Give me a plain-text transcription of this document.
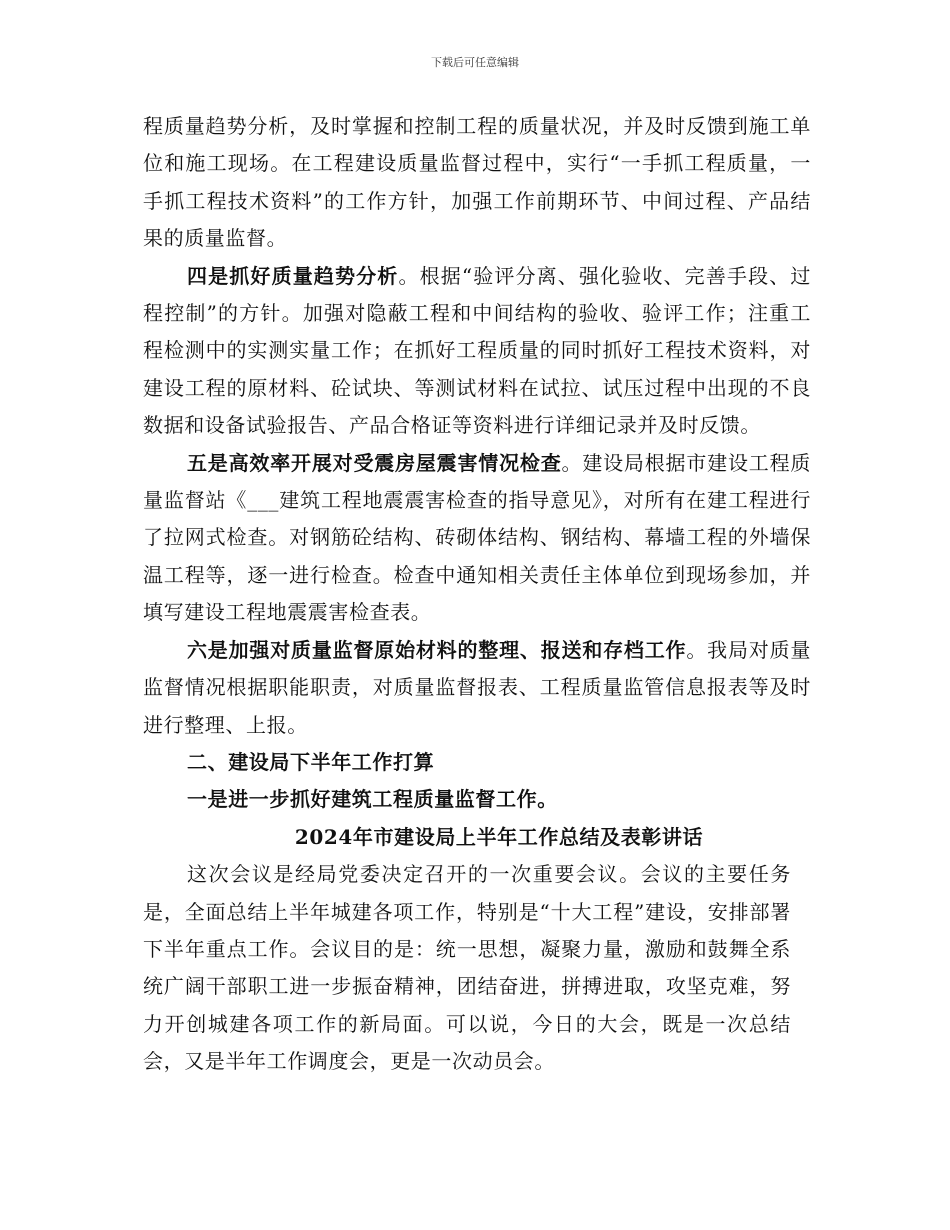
下载后可任意编辑

程质量趋势分析，及时掌握和控制工程的质量状况，并及时反馈到施工单位和施工现场。在工程建设质量监督过程中，实行“一手抓工程质量，一手抓工程技术资料”的工作方针，加强工作前期环节、中间过程、产品结果的质量监督。

四是抓好质量趋势分析。根据“验评分离、强化验收、完善手段、过程控制”的方针。加强对隐蔽工程和中间结构的验收、验评工作；注重工程检测中的实测实量工作；在抓好工程质量的同时抓好工程技术资料，对建设工程的原材料、砼试块、等测试材料在试拉、试压过程中出现的不良数据和设备试验报告、产品合格证等资料进行详细记录并及时反馈。

五是高效率开展对受震房屋震害情况检查。建设局根据市建设工程质量监督站《___建筑工程地震震害检查的指导意见》，对所有在建工程进行了拉网式检查。对钢筋砼结构、砖砌体结构、钢结构、幕墙工程的外墙保温工程等，逐一进行检查。检查中通知相关责任主体单位到现场参加，并填写建设工程地震震害检查表。

六是加强对质量监督原始材料的整理、报送和存档工作。我局对质量监督情况根据职能职责，对质量监督报表、工程质量监管信息报表等及时进行整理、上报。

二、建设局下半年工作打算

一是进一步抓好建筑工程质量监督工作。

2024年市建设局上半年工作总结及表彰讲话

这次会议是经局党委决定召开的一次重要会议。会议的主要任务是，全面总结上半年城建各项工作，特别是“十大工程”建设，安排部署下半年重点工作。会议目的是：统一思想，凝聚力量，激励和鼓舞全系统广阔干部职工进一步振奋精神，团结奋进，拼搏进取，攻坚克难，努力开创城建各项工作的新局面。可以说，今日的大会，既是一次总结会，又是半年工作调度会，更是一次动员会。
